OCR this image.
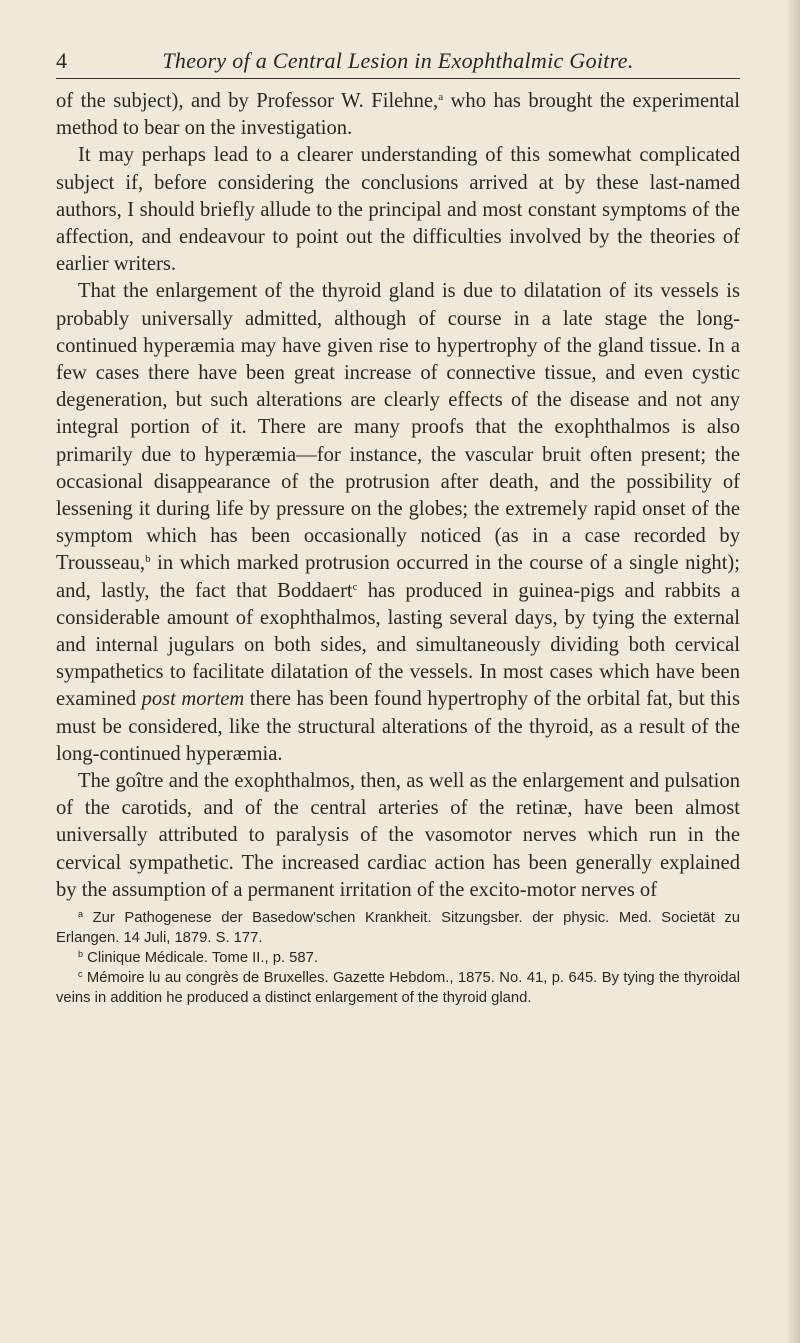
4	Theory of a Central Lesion in Exophthalmic Goitre.

of the subject), and by Professor W. Filehne,$^a$ who has brought the experimental method to bear on the investigation.

It may perhaps lead to a clearer understanding of this somewhat complicated subject if, before considering the conclusions arrived at by these last-named authors, I should briefly allude to the principal and most constant symptoms of the affection, and endeavour to point out the difficulties involved by the theories of earlier writers.

That the enlargement of the thyroid gland is due to dilatation of its vessels is probably universally admitted, although of course in a late stage the long-continued hyperæmia may have given rise to hypertrophy of the gland tissue. In a few cases there have been great increase of connective tissue, and even cystic degeneration, but such alterations are clearly effects of the disease and not any integral portion of it. There are many proofs that the exophthalmos is also primarily due to hyperæmia—for instance, the vascular bruit often present; the occasional disappearance of the protrusion after death, and the possibility of lessening it during life by pressure on the globes; the extremely rapid onset of the symptom which has been occasionally noticed (as in a case recorded by Trousseau,$^b$ in which marked protrusion occurred in the course of a single night); and, lastly, the fact that Boddaert$^c$ has produced in guinea-pigs and rabbits a considerable amount of exophthalmos, lasting several days, by tying the external and internal jugulars on both sides, and simultaneously dividing both cervical sympathetics to facilitate dilatation of the vessels. In most cases which have been examined post mortem there has been found hypertrophy of the orbital fat, but this must be considered, like the structural alterations of the thyroid, as a result of the long-continued hyperæmia.

The goître and the exophthalmos, then, as well as the enlargement and pulsation of the carotids, and of the central arteries of the retinæ, have been almost universally attributed to paralysis of the vasomotor nerves which run in the cervical sympathetic. The increased cardiac action has been generally explained by the assumption of a permanent irritation of the excito-motor nerves of

$^a$ Zur Pathogenese der Basedow'schen Krankheit. Sitzungsber. der physic. Med. Societät zu Erlangen. 14 Juli, 1879. S. 177.

$^b$ Clinique Médicale. Tome II., p. 587.

$^c$ Mémoire lu au congrès de Bruxelles. Gazette Hebdom., 1875. No. 41, p. 645. By tying the thyroidal veins in addition he produced a distinct enlargement of the thyroid gland.
